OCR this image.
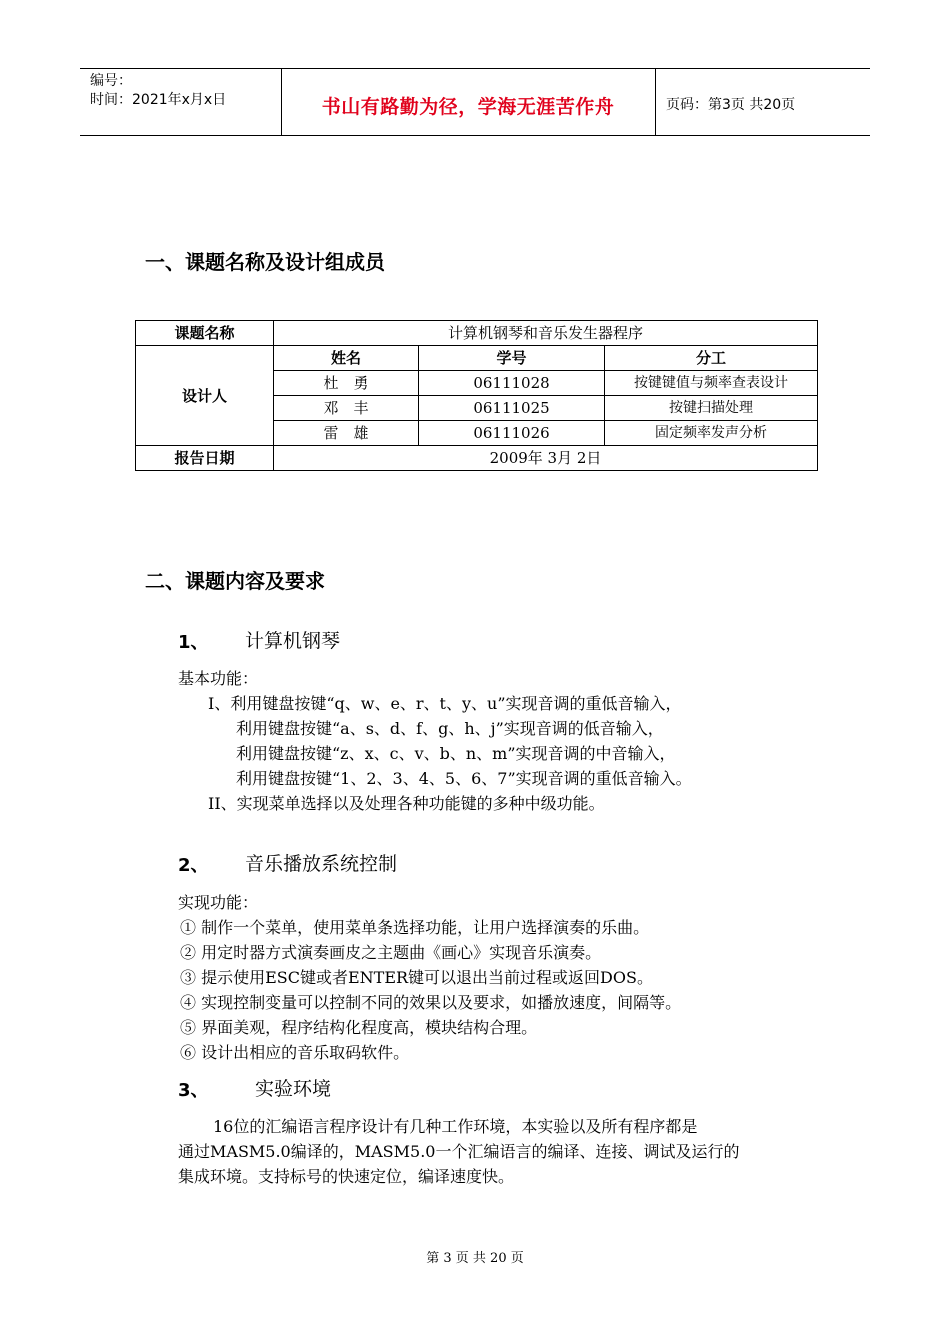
编号：
时间：2021年x月x日	书山有路勤为径，学海无涯苦作舟	页码：第3页 共20页
一、课题名称及设计组成员
课题名称	计算机钢琴和音乐发生器程序		
设计人	姓名	学号	分工
	杜　勇	06111028	按键键值与频率查表设计
	邓　丰	06111025	按键扫描处理
	雷　雄	06111026	固定频率发声分析
报告日期	2009年 3月 2日		
二、课题内容及要求
1、 计算机钢琴
基本功能：
I、利用键盘按键“q、w、e、r、t、y、u”实现音调的重低音输入，
利用键盘按键“a、s、d、f、g、h、j”实现音调的低音输入，
利用键盘按键“z、x、c、v、b、n、m”实现音调的中音输入，
利用键盘按键“1、2、3、4、5、6、7”实现音调的重低音输入。
II、实现菜单选择以及处理各种功能键的多种中级功能。
2、 音乐播放系统控制
实现功能：
① 制作一个菜单，使用菜单条选择功能，让用户选择演奏的乐曲。
② 用定时器方式演奏画皮之主题曲《画心》实现音乐演奏。
③ 提示使用ESC键或者ENTER键可以退出当前过程或返回DOS。
④ 实现控制变量可以控制不同的效果以及要求，如播放速度，间隔等。
⑤ 界面美观，程序结构化程度高，模块结构合理。
⑥ 设计出相应的音乐取码软件。
3、 实验环境
16位的汇编语言程序设计有几种工作环境，本实验以及所有程序都是
通过MASM5.0编译的，MASM5.0一个汇编语言的编译、连接、调试及运行的
集成环境。支持标号的快速定位，编译速度快。
第 3 页 共 20 页
